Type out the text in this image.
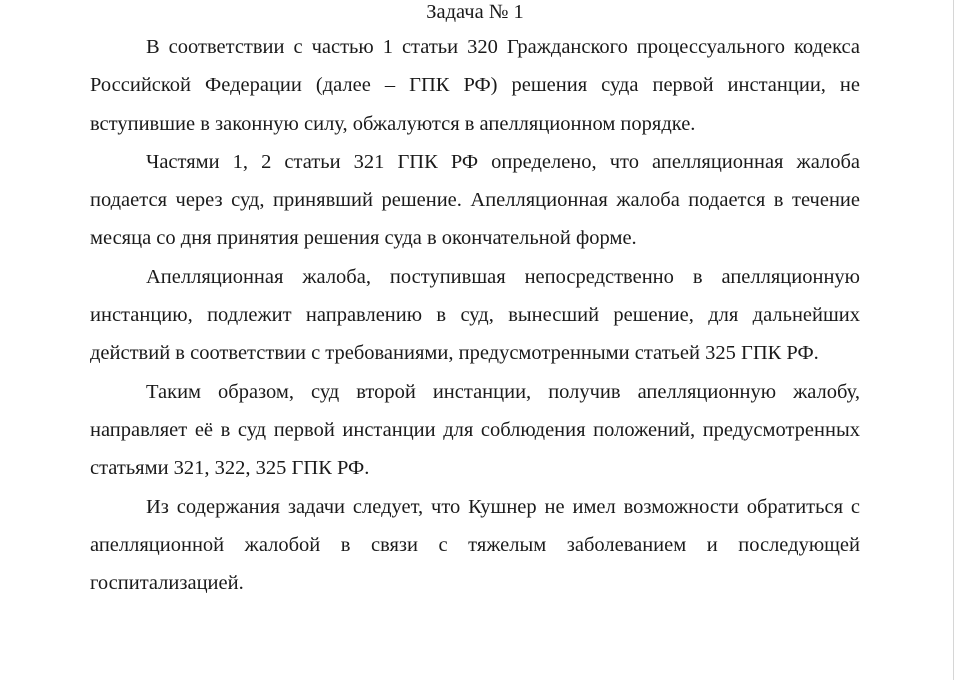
Задача № 1

В соответствии с частью 1 статьи 320 Гражданского процессуального кодекса Российской Федерации (далее – ГПК РФ) решения суда первой инстанции, не вступившие в законную силу, обжалуются в апелляционном порядке.

Частями 1, 2 статьи 321 ГПК РФ определено, что апелляционная жалоба подается через суд, принявший решение. Апелляционная жалоба подается в течение месяца со дня принятия решения суда в окончательной форме.

Апелляционная жалоба, поступившая непосредственно в апелляционную инстанцию, подлежит направлению в суд, вынесший решение, для дальнейших действий в соответствии с требованиями, предусмотренными статьей 325 ГПК РФ.

Таким образом, суд второй инстанции, получив апелляционную жалобу, направляет её в суд первой инстанции для соблюдения положений, предусмотренных статьями 321, 322, 325 ГПК РФ.

Из содержания задачи следует, что Кушнер не имел возможности обратиться с апелляционной жалобой в связи с тяжелым заболеванием и последующей госпитализацией.
